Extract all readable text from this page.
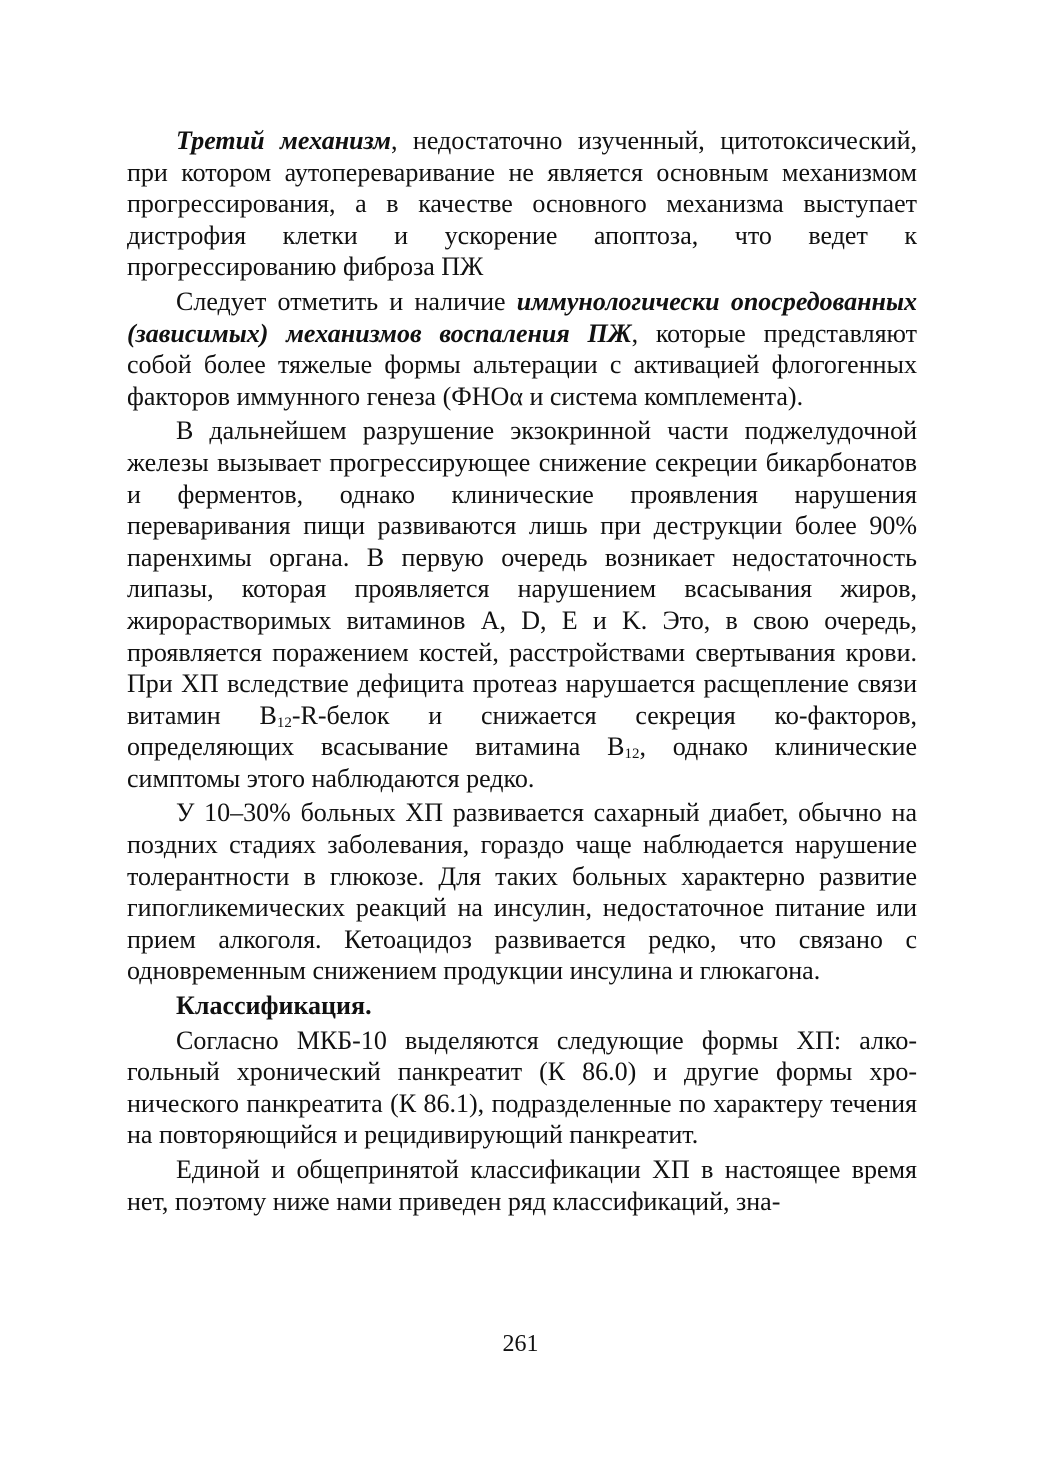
Третий механизм, недостаточно изученный, цитотоксический, при котором аутопереваривание не является основным механизмом прогрессирования, а в качестве основного механизма выступает дистрофия клетки и ускорение апоптоза, что ведет к прогрессированию фиброза ПЖ

Следует отметить и наличие иммунологически опосредованных (зависимых) механизмов воспаления ПЖ, которые представляют собой более тяжелые формы альтерации с активацией флогогенных факторов иммунного генеза (ФНОα и система комплемента).

В дальнейшем разрушение экзокринной части поджелудочной железы вызывает прогрессирующее снижение секреции бикарбонатов и ферментов, однако клинические проявления нарушения переваривания пищи развиваются лишь при деструкции более 90% паренхимы органа. В первую очередь возникает недостаточность липазы, которая проявляется нарушением всасывания жиров, жирорастворимых витаминов А, D, Е и K. Это, в свою очередь, проявляется поражением костей, расстройствами свертывания крови. При ХП вследствие дефицита протеаз нарушается расщепление связи витамин $В_{12}-R$-белок и снижается секреция ко-факторов, определяющих всасывание витамина $В_{12}$, однако клинические симптомы этого наблюдаются редко.

У 10–30% больных ХП развивается сахарный диабет, обычно на поздних стадиях заболевания, гораздо чаще наблюдается нарушение толерантности в глюкозе. Для таких больных характерно развитие гипогликемических реакций на инсулин, недостаточное питание или прием алкоголя. Кетоацидоз развивается редко, что связано с одновременным снижением продукции инсулина и глюкагона.

Классификация.

Согласно МКБ-10 выделяются следующие формы ХП: алкогольный хронический панкреатит (К 86.0) и другие формы хронического панкреатита (К 86.1), подразделенные по характеру течения на повторяющийся и рецидивирующий панкреатит.

Единой и общепринятой классификации ХП в настоящее время нет, поэтому ниже нами приведен ряд классификаций, зна-

261
